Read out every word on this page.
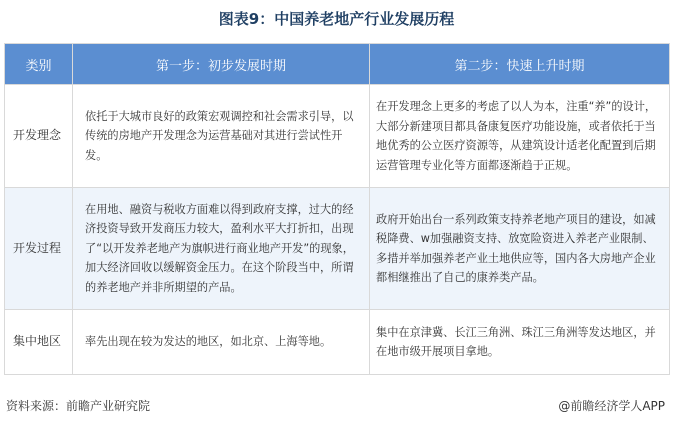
图表9：中国养老地产行业发展历程
类别	第一步：初步发展时期	第二步：快速上升时期
开发理念	依托于大城市良好的政策宏观调控和社会需求引导，以传统的房地产开发理念为运营基础对其进行尝试性开发。	在开发理念上更多的考虑了以人为本，注重“养”的设计，大部分新建项目都具备康复医疗功能设施，或者依托于当地优秀的公立医疗资源等，从建筑设计适老化配置到后期运营管理专业化等方面都逐渐趋于正规。
开发过程	在用地、融资与税收方面难以得到政府支撑，过大的经济投资导致开发商压力较大，盈利水平大打折扣，出现了“以开发养老地产为旗帜进行商业地产开发”的现象，加大经济回收以缓解资金压力。在这个阶段当中，所谓的养老地产并非所期望的产品。	政府开始出台一系列政策支持养老地产项目的建设，如减税降费、w加强融资支持、放宽险资进入养老产业限制、多措并举加强养老产业土地供应等，国内各大房地产企业都相继推出了自己的康养类产品。
集中地区	率先出现在较为发达的地区，如北京、上海等地。	集中在京津冀、长江三角洲、珠江三角洲等发达地区，并在地市级开展项目拿地。
资料来源：前瞻产业研究院	@前瞻经济学人APP
